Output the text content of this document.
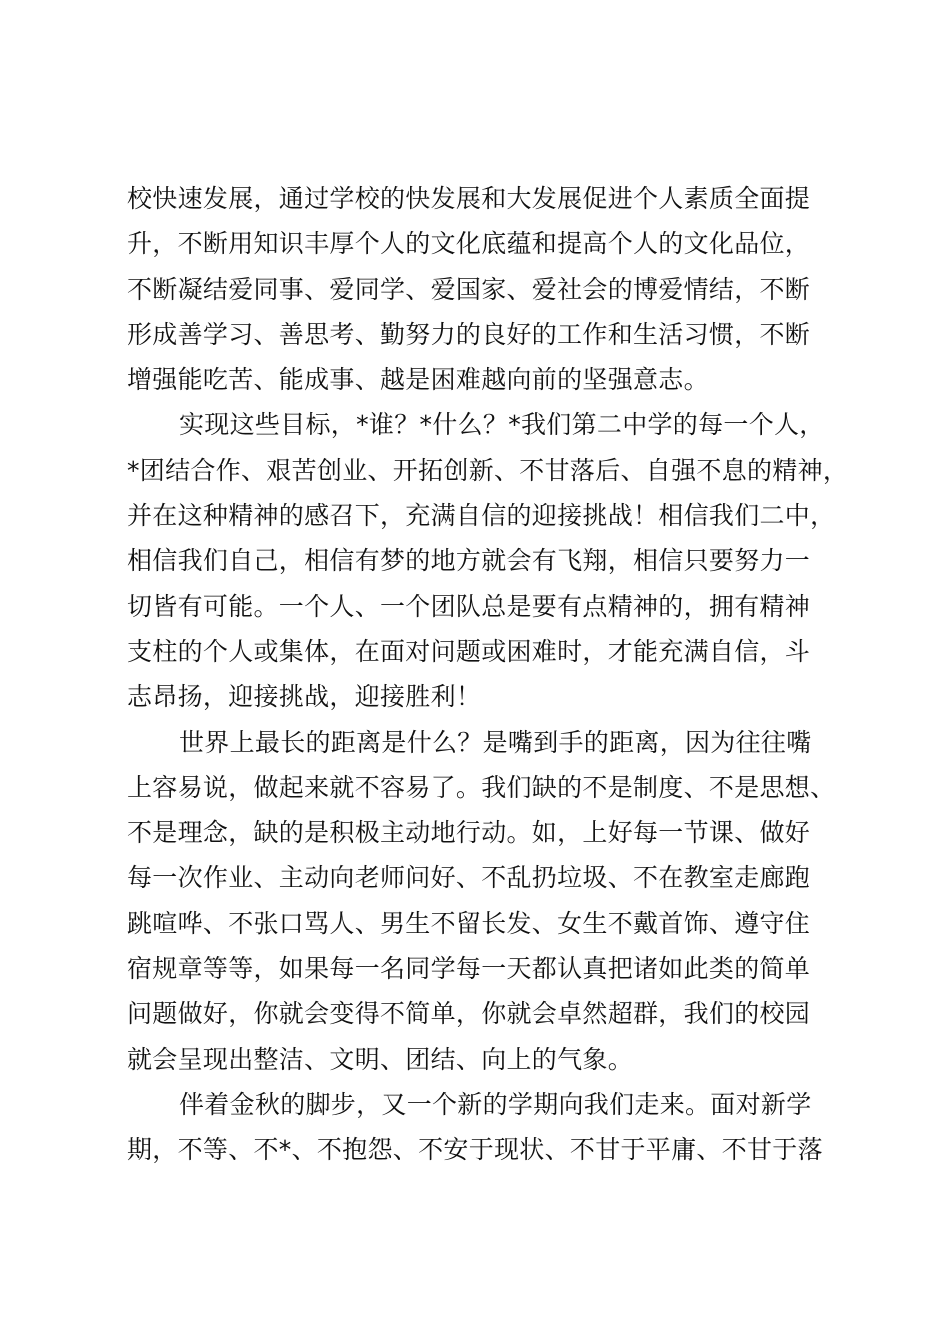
校快速发展，通过学校的快发展和大发展促进个人素质全面提
升，不断用知识丰厚个人的文化底蕴和提高个人的文化品位，
不断凝结爱同事、爱同学、爱国家、爱社会的博爱情结，不断
形成善学习、善思考、勤努力的良好的工作和生活习惯，不断
增强能吃苦、能成事、越是困难越向前的坚强意志。
实现这些目标，*谁？*什么？*我们第二中学的每一个人，
*团结合作、艰苦创业、开拓创新、不甘落后、自强不息的精神，
并在这种精神的感召下，充满自信的迎接挑战！相信我们二中，
相信我们自己，相信有梦的地方就会有飞翔，相信只要努力一
切皆有可能。一个人、一个团队总是要有点精神的，拥有精神
支柱的个人或集体，在面对问题或困难时，才能充满自信，斗
志昂扬，迎接挑战，迎接胜利！
世界上最长的距离是什么？是嘴到手的距离，因为往往嘴
上容易说，做起来就不容易了。我们缺的不是制度、不是思想、
不是理念，缺的是积极主动地行动。如，上好每一节课、做好
每一次作业、主动向老师问好、不乱扔垃圾、不在教室走廊跑
跳喧哗、不张口骂人、男生不留长发、女生不戴首饰、遵守住
宿规章等等，如果每一名同学每一天都认真把诸如此类的简单
问题做好，你就会变得不简单，你就会卓然超群，我们的校园
就会呈现出整洁、文明、团结、向上的气象。
伴着金秋的脚步，又一个新的学期向我们走来。面对新学
期，不等、不*、不抱怨、不安于现状、不甘于平庸、不甘于落
